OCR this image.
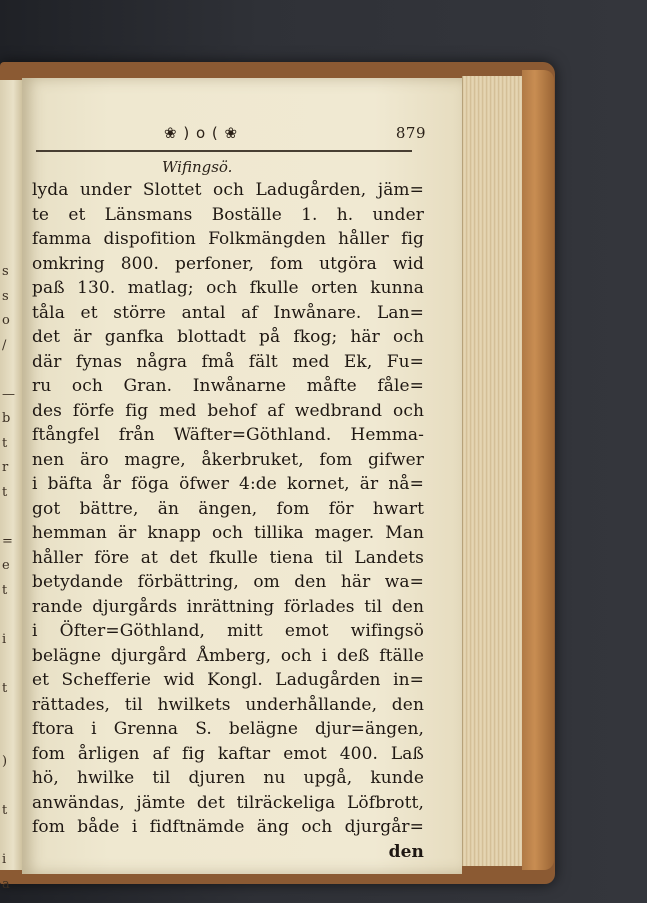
s
s
o
/
—
b
t
r
t
=
e
t
i
t
)
t
i
a
❀ ) o ( ❀	879
Wifingsö.
lyda under Slottet och Ladugården, jäm=
te et Länsmans Boställe 1. h. under
famma dispofition Folkmängden håller fig
omkring 800. perfoner, fom utgöra wid
paß 130. matlag; och fkulle orten kunna
tåla et större antal af Inwånare. Lan=
det är ganfka blottadt på fkog; här och
där fynas några fmå fält med Ek, Fu=
ru och Gran. Inwånarne måfte fåle=
des förfe fig med behof af wedbrand och
ftångfel från Wäfter=Göthland. Hemma-
nen äro magre, åkerbruket, fom gifwer
i bäfta år föga öfwer 4:de kornet, är nå=
got bättre, än ängen, fom för hwart
hemman är knapp och tillika mager. Man
håller före at det fkulle tiena til Landets
betydande förbättring, om den här wa=
rande djurgårds inrättning förlades til den
i Öfter=Göthland, mitt emot wifingsö
belägne djurgård Åmberg, och i deß ftälle
et Schefferie wid Kongl. Ladugården in=
rättades, til hwilkets underhållande, den
ftora i Grenna S. belägne djur=ängen,
fom årligen af fig kaftar emot 400. Laß
hö, hwilke til djuren nu upgå, kunde
anwändas, jämte det tilräckeliga Löfbrott,
fom både i fidftnämde äng och djurgår=
den
